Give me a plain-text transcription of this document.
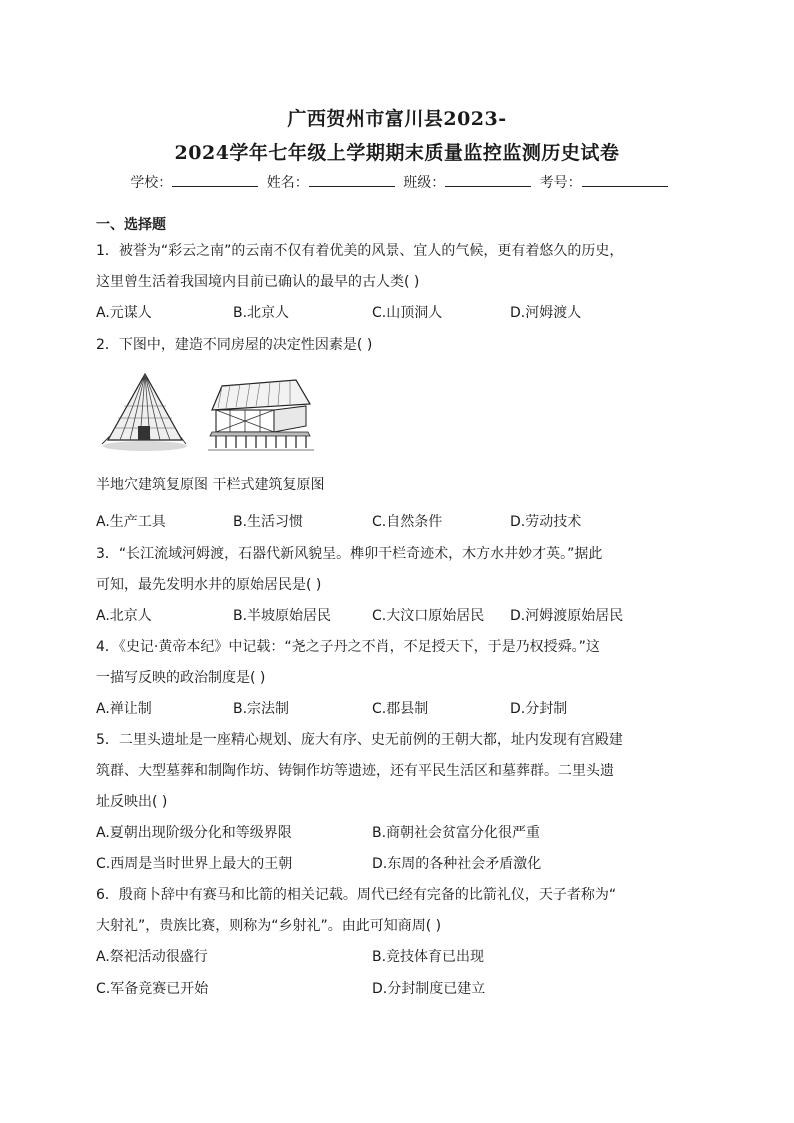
广西贺州市富川县2023-
2024学年七年级上学期期末质量监控监测历史试卷
学校：	姓名：	班级：	考号：
一、选择题
1．被誉为“彩云之南”的云南不仅有着优美的风景、宜人的气候，更有着悠久的历史，
这里曾生活着我国境内目前已确认的最早的古人类( )
A.元谋人	B.北京人	C.山顶洞人	D.河姆渡人
2．下图中，建造不同房屋的决定性因素是( )
半地穴建筑复原图 干栏式建筑复原图
A.生产工具	B.生活习惯	C.自然条件	D.劳动技术
3．“长江流域河姆渡，石器代新风貌呈。榫卯干栏奇迹术，木方水井妙才英。”据此
可知，最先发明水井的原始居民是( )
A.北京人	B.半坡原始居民	C.大汶口原始居民 D.河姆渡原始居民
4．《史记·黄帝本纪》中记载：“尧之子丹之不肖，不足授天下，于是乃权授舜。”这
一描写反映的政治制度是( )
A.禅让制	B.宗法制	C.郡县制	D.分封制
5．二里头遗址是一座精心规划、庞大有序、史无前例的王朝大都，址内发现有宫殿建
筑群、大型墓葬和制陶作坊、铸铜作坊等遗迹，还有平民生活区和墓葬群。二里头遗
址反映出( )
A.夏朝出现阶级分化和等级界限	B.商朝社会贫富分化很严重
C.西周是当时世界上最大的王朝	D.东周的各种社会矛盾激化
6．殷商卜辞中有赛马和比箭的相关记载。周代已经有完备的比箭礼仪，天子者称为“
大射礼”，贵族比赛，则称为“乡射礼”。由此可知商周( )
A.祭祀活动很盛行	B.竞技体育已出现
C.军备竞赛已开始	D.分封制度已建立
